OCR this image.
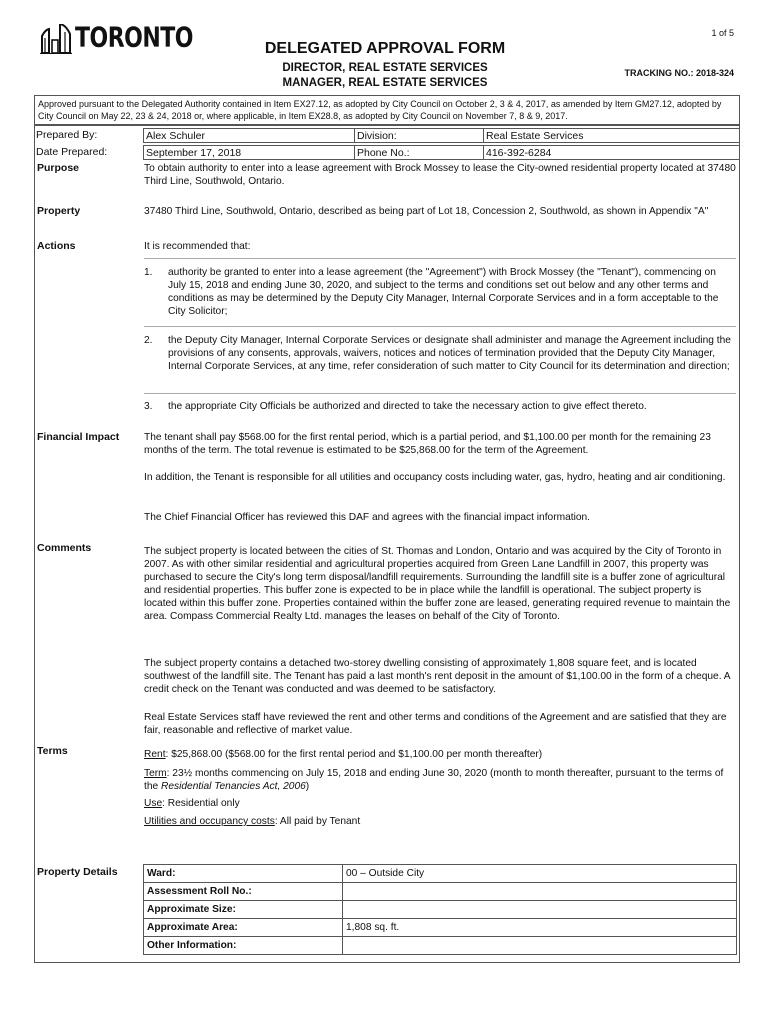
1 of 5
TORONTO	DELEGATED APPROVAL FORM
DIRECTOR, REAL ESTATE SERVICES
MANAGER, REAL ESTATE SERVICES
TRACKING NO.: 2018-324
Approved pursuant to the Delegated Authority contained in Item EX27.12, as adopted by City Council on October 2, 3 & 4, 2017, as amended by Item GM27.12, adopted by City Council on May 22, 23 & 24, 2018 or, where applicable, in Item EX28.8, as adopted by City Council on November 7, 8 & 9, 2017.
Prepared By:	Alex Schuler	Division:	Real Estate Services
Date Prepared:	September 17, 2018	Phone No.:	416-392-6284
Purpose	To obtain authority to enter into a lease agreement with Brock Mossey to lease the City-owned residential property located at 37480 Third Line, Southwold, Ontario.
Property	37480 Third Line, Southwold, Ontario, described as being part of Lot 18, Concession 2, Southwold, as shown in Appendix "A"
Actions	It is recommended that:
1. authority be granted to enter into a lease agreement (the "Agreement") with Brock Mossey (the "Tenant"), commencing on July 15, 2018 and ending June 30, 2020, and subject to the terms and conditions set out below and any other terms and conditions as may be determined by the Deputy City Manager, Internal Corporate Services and in a form acceptable to the City Solicitor;
2. the Deputy City Manager, Internal Corporate Services or designate shall administer and manage the Agreement including the provisions of any consents, approvals, waivers, notices and notices of termination provided that the Deputy City Manager, Internal Corporate Services, at any time, refer consideration of such matter to City Council for its determination and direction;
3. the appropriate City Officials be authorized and directed to take the necessary action to give effect thereto.
Financial Impact The tenant shall pay $568.00 for the first rental period, which is a partial period, and $1,100.00 per month for the remaining 23 months of the term. The total revenue is estimated to be $25,868.00 for the term of the Agreement.
In addition, the Tenant is responsible for all utilities and occupancy costs including water, gas, hydro, heating and air conditioning.
The Chief Financial Officer has reviewed this DAF and agrees with the financial impact information.
Comments	The subject property is located between the cities of St. Thomas and London, Ontario and was acquired by the City of Toronto in 2007. As with other similar residential and agricultural properties acquired from Green Lane Landfill in 2007, this property was purchased to secure the City's long term disposal/landfill requirements. Surrounding the landfill site is a buffer zone of agricultural and residential properties. This buffer zone is expected to be in place while the landfill is operational. The subject property is located within this buffer zone. Properties contained within the buffer zone are leased, generating required revenue to maintain the area. Compass Commercial Realty Ltd. manages the leases on behalf of the City of Toronto.
The subject property contains a detached two-storey dwelling consisting of approximately 1,808 square feet, and is located southwest of the landfill site. The Tenant has paid a last month's rent deposit in the amount of $1,100.00 in the form of a cheque. A credit check on the Tenant was conducted and was deemed to be satisfactory.
Real Estate Services staff have reviewed the rent and other terms and conditions of the Agreement and are satisfied that they are fair, reasonable and reflective of market value.
Terms	Rent: $25,868.00 ($568.00 for the first rental period and $1,100.00 per month thereafter)
Term: 23½ months commencing on July 15, 2018 and ending June 30, 2020 (month to month thereafter, pursuant to the terms of the Residential Tenancies Act, 2006)
Use: Residential only
Utilities and occupancy costs: All paid by Tenant
Property Details	Ward:	00 – Outside City
Assessment Roll No.:	
Approximate Size:	
Approximate Area:	1,808 sq. ft.
Other Information:	
